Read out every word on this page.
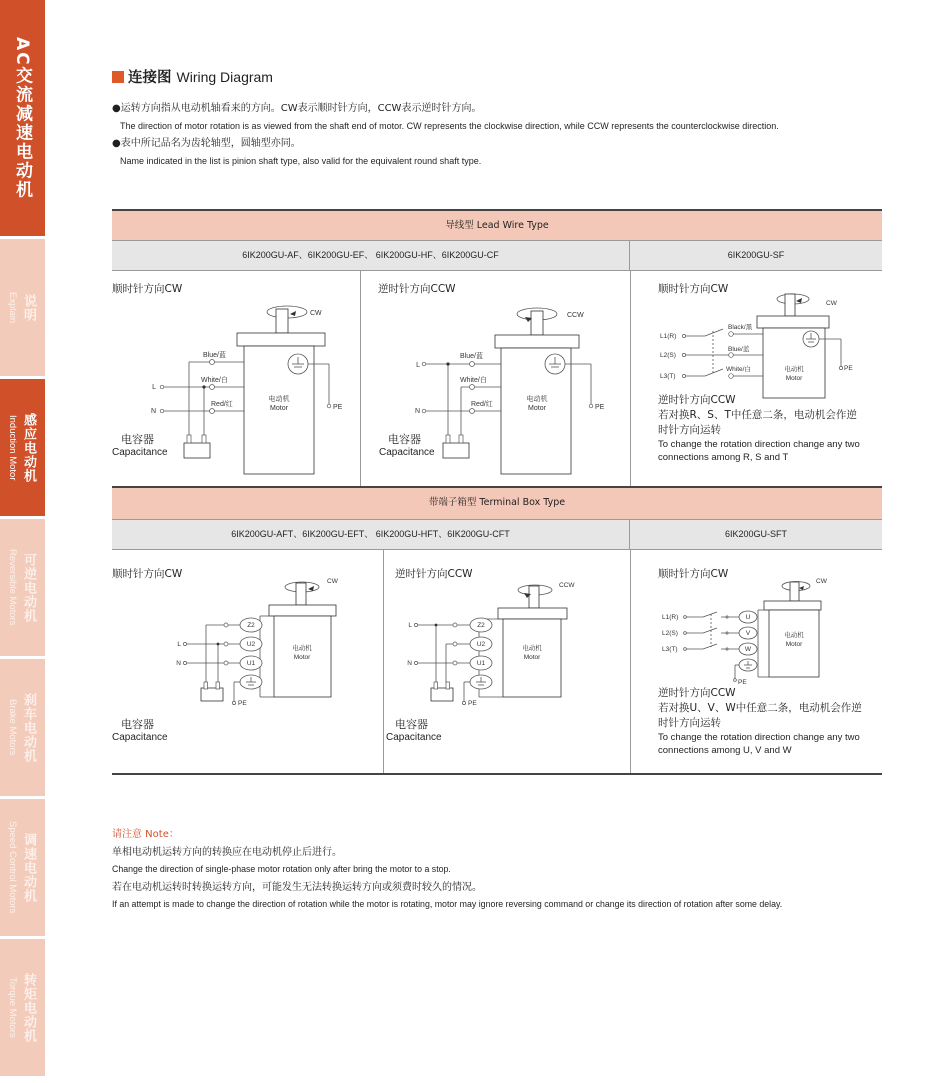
AC交流减速电动机
说明
Explain
感应电动机
Induction Motor
可逆电动机
Reversible Motors
刹车电动机
Brake Motors
调速电动机
Speed Control Motors
转矩电动机
Torque Motors
连接图 Wiring Diagram
●运转方向指从电动机轴看来的方向。CW表示顺时针方向，CCW表示逆时针方向。
The direction of motor rotation is as viewed from the shaft end of motor. CW represents the clockwise direction, while CCW represents the counterclockwise direction.
●表中所记品名为齿轮轴型，圆轴型亦同。
Name indicated in the list is pinion shaft type, also valid for the equivalent round shaft type.
导线型 Lead Wire Type
6IK200GU-AF、6IK200GU-EF、 6IK200GU-HF、6IK200GU-CF	6IK200GU-SF
顺时针方向CW
CW
Blue/蓝
White/白
Red/红
L
N
PE
电动机
Motor
电容器
Capacitance
逆时针方向CCW
CCW
Blue/蓝
White/白
Red/红
L
N
PE
电动机
Motor
电容器
Capacitance
顺时针方向CW
CW
Black/黑
Blue/蓝
White/白
L1(R)
L2(S)
L3(T)
PE
电动机
Motor
逆时针方向CCW
若对换R、S、T中任意二条，电动机会作逆
时针方向运转
To change the rotation direction change any two
connections among R, S and T
带端子箱型 Terminal Box Type
6IK200GU-AFT、6IK200GU-EFT、 6IK200GU-HFT、6IK200GU-CFT	6IK200GU-SFT
顺时针方向CW
CW
Z2
U2
U1
L
N
PE
电动机
Motor
电容器
Capacitance
逆时针方向CCW
CCW
Z2
U2
U1
L
N
PE
电动机
Motor
电容器
Capacitance
顺时针方向CW
CW
U
V
W
L1(R)
L2(S)
L3(T)
PE
电动机
Motor
逆时针方向CCW
若对换U、V、W中任意二条，电动机会作逆
时针方向运转
To change the rotation direction change any two
connections among U, V and W
请注意 Note：
单相电动机运转方向的转换应在电动机停止后进行。
Change the direction of single-phase motor rotation only after bring the motor to a stop.
若在电动机运转时转换运转方向，可能发生无法转换运转方向或须费时较久的情况。
If an attempt is made to change the direction of rotation while the motor is rotating, motor may ignore reversing command or change its direction of rotation after some delay.
